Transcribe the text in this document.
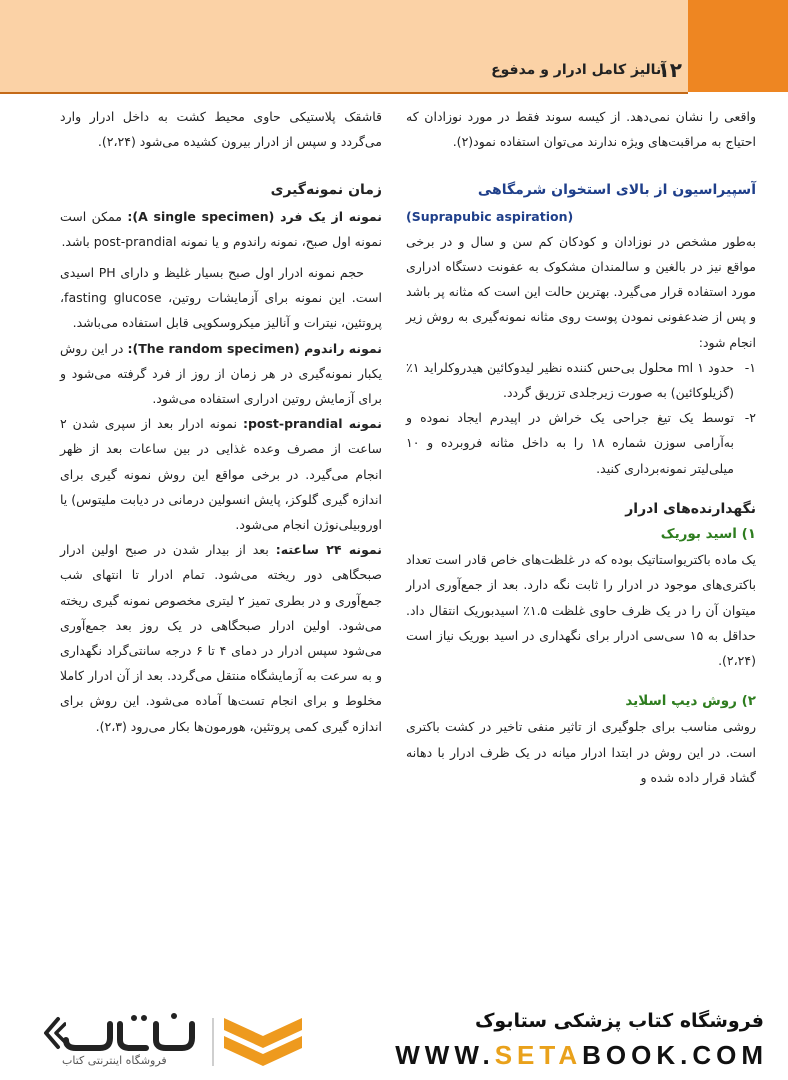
۱۲
آنالیز کامل ادرار و مدفوع

واقعی را نشان نمی‌دهد. از کیسه سوند فقط در مورد نوزادان که احتیاج به مراقبت‌های ویژه ندارند می‌توان استفاده نمود(۲).

آسپیراسیون از بالای استخوان شرمگاهی

(Suprapubic aspiration)

به‌طور مشخص در نوزادان و کودکان کم سن و سال و در برخی مواقع نیز در بالغین و سالمندان مشکوک به عفونت دستگاه ادراری مورد استفاده قرار می‌گیرد. بهترین حالت این است که مثانه پر باشد و پس از ضدعفونی نمودن پوست روی مثانه نمونه‌گیری به روش زیر انجام شود:

۱-
حدود ۱ ml محلول بی‌حس کننده نظیر لیدوکائین هیدروکلراید ۱٪ (گزیلوکائین) به صورت زیرجلدی تزریق گردد.
۲-
توسط یک تیغ جراحی یک خراش در اپیدرم ایجاد نموده و به‌آرامی سوزن شماره ۱۸ را به داخل مثانه فروبرده و ۱۰ میلی‌لیتر نمونه‌برداری کنید.

نگهدارنده‌های ادرار

۱) اسید بوریک

یک ماده باکتریواستاتیک بوده که در غلظت‌های خاص قادر است تعداد باکتری‌های موجود در ادرار را ثابت نگه دارد. بعد از جمع‌آوری ادرار میتوان آن را در یک ظرف حاوی غلظت ۱.۵٪ اسیدبوریک انتقال داد. حداقل به ۱۵ سی‌سی ادرار برای نگهداری در اسید بوریک نیاز است (۲،۲۴).

۲) روش دیپ اسلاید

روشی مناسب برای جلوگیری از تاثیر منفی تاخیر در کشت باکتری است. در این روش در ابتدا ادرار میانه در یک ظرف ادرار با دهانه گشاد قرار داده شده و

قاشقک پلاستیکی حاوی محیط کشت به داخل ادرار وارد می‌گردد و سپس از ادرار بیرون کشیده می‌شود (۲،۲۴).

زمان نمونه‌گیری

نمونه از یک فرد (A single specimen): ممکن است نمونه اول صبح، نمونه راندوم و یا نمونه post-prandial باشد.

حجم نمونه ادرار اول صبح بسیار غلیظ و دارای PH اسیدی است. این نمونه برای آزمایشات روتین، fasting glucose، پروتئین، نیترات و آنالیز میکروسکوپی قابل استفاده می‌باشد.

نمونه راندوم (The random specimen): در این روش یکبار نمونه‌گیری در هر زمان از روز از فرد گرفته می‌شود و برای آزمایش روتین ادراری استفاده می‌شود.

نمونه post-prandial: نمونه ادرار بعد از سپری شدن ۲ ساعت از مصرف وعده غذایی در بین ساعات بعد از ظهر انجام می‌گیرد. در برخی مواقع این روش نمونه گیری برای اندازه گیری گلوکز، پایش انسولین درمانی در دیابت ملیتوس) یا اوروبیلی‌نوژن انجام می‌شود.

نمونه ۲۴ ساعته: بعد از بیدار شدن در صبح اولین ادرار صبحگاهی دور ریخته می‌شود. تمام ادرار تا انتهای شب جمع‌آوری و در بطری تمیز ۲ لیتری مخصوص نمونه گیری ریخته می‌شود. اولین ادرار صبحگاهی در یک روز بعد جمع‌آوری می‌شود سپس ادرار در دمای ۴ تا ۶ درجه سانتی‌گراد نگهداری و به سرعت به آزمایشگاه منتقل می‌گردد. بعد از آن ادرار کاملا مخلوط و برای انجام تست‌ها آماده می‌شود. این روش برای اندازه گیری کمی پروتئین، هورمون‌ها بکار می‌رود (۲،۳).

فروشگاه اینترنتی کتاب
فروشگاه کتاب پزشکی ستابوک
WWW.SETABOOK.COM
